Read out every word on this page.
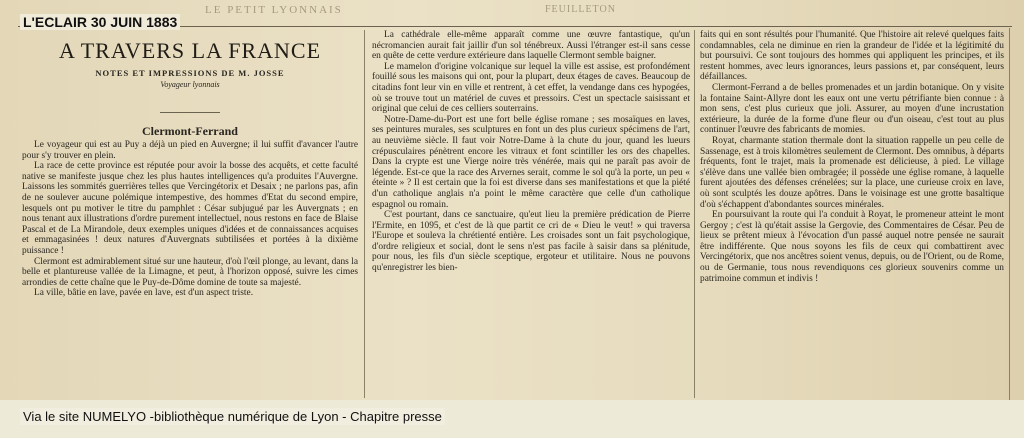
LE PETIT LYONNAIS	FEUILLETON
L'ECLAIR 30 JUIN 1883
A TRAVERS LA FRANCE
NOTES ET IMPRESSIONS DE M. JOSSE
Voyageur lyonnais
Clermont-Ferrand

Le voyageur qui est au Puy a déjà un pied en Auvergne; il lui suffit d'avancer l'autre pour s'y trouver en plein.

La race de cette province est réputée pour avoir la bosse des acquêts, et cette faculté native se manifeste jusque chez les plus hautes intelligences qu'a produites l'Auvergne. Laissons les sommités guerrières telles que Vercingétorix et Desaix ; ne parlons pas, afin de ne soulever aucune polémique intempestive, des hommes d'Etat du second empire, lesquels ont pu motiver le titre du pamphlet : César subjugué par les Auvergnats ; en nous tenant aux illustrations d'ordre purement intellectuel, nous restons en face de Blaise Pascal et de La Mirandole, deux exemples uniques d'idées et de connaissances acquises et emmagasinées ! deux natures d'Auvergnats subtilisées et portées à la dixième puissance !

Clermont est admirablement situé sur une hauteur, d'où l'œil plonge, au levant, dans la belle et plantureuse vallée de la Limagne, et peut, à l'horizon opposé, suivre les cimes arrondies de cette chaîne que le Puy-de-Dôme domine de toute sa majesté.

La ville, bâtie en lave, pavée en lave, est d'un aspect triste.

La cathédrale elle-même apparaît comme une œuvre fantastique, qu'un nécromancien aurait fait jaillir d'un sol ténébreux. Aussi l'étranger est-il sans cesse en quête de cette verdure extérieure dans laquelle Clermont semble baigner.

Le mamelon d'origine volcanique sur lequel la ville est assise, est profondément fouillé sous les maisons qui ont, pour la plupart, deux étages de caves. Beaucoup de citadins font leur vin en ville et rentrent, à cet effet, la vendange dans ces hypogées, où se trouve tout un matériel de cuves et pressoirs. C'est un spectacle saisissant et original que celui de ces celliers souterrains.

Notre-Dame-du-Port est une fort belle église romane ; ses mosaïques en laves, ses peintures murales, ses sculptures en font un des plus curieux spécimens de l'art, au neuvième siècle. Il faut voir Notre-Dame à la chute du jour, quand les lueurs crépusculaires pénètrent encore les vitraux et font scintiller les ors des chapelles. Dans la crypte est une Vierge noire très vénérée, mais qui ne paraît pas avoir de légende. Est-ce que la race des Arvernes serait, comme le sol qu'à la porte, un peu « éteinte » ? Il est certain que la foi est diverse dans ses manifestations et que la piété d'un catholique anglais n'a point le même caractère que celle d'un catholique espagnol ou romain.

C'est pourtant, dans ce sanctuaire, qu'eut lieu la première prédication de Pierre l'Ermite, en 1095, et c'est de là que partit ce cri de « Dieu le veut! » qui traversa l'Europe et souleva la chrétienté entière. Les croisades sont un fait psychologique, d'ordre religieux et social, dont le sens n'est pas facile à saisir dans sa plénitude, pour nous, les fils d'un siècle sceptique, ergoteur et utilitaire. Nous ne pouvons qu'enregistrer les bien-

faits qui en sont résultés pour l'humanité. Que l'histoire ait relevé quelques faits condamnables, cela ne diminue en rien la grandeur de l'idée et la légitimité du but poursuivi. Ce sont toujours des hommes qui appliquent les principes, et ils restent hommes, avec leurs ignorances, leurs passions et, par conséquent, leurs défaillances.

Clermont-Ferrand a de belles promenades et un jardin botanique. On y visite la fontaine Saint-Allyre dont les eaux ont une vertu pétrifiante bien connue : à mon sens, c'est plus curieux que joli. Assurer, au moyen d'une incrustation extérieure, la durée de la forme d'une fleur ou d'un oiseau, c'est tout au plus continuer l'œuvre des fabricants de momies.

Royat, charmante station thermale dont la situation rappelle un peu celle de Sassenage, est à trois kilomètres seulement de Clermont. Des omnibus, à départs fréquents, font le trajet, mais la promenade est délicieuse, à pied. Le village s'élève dans une vallée bien ombragée; il possède une église romane, à laquelle furent ajoutées des défenses crénelées; sur la place, une curieuse croix en lave, où sont sculptés les douze apôtres. Dans le voisinage est une grotte basaltique d'où s'échappent d'abondantes sources minérales.

En poursuivant la route qui l'a conduit à Royat, le promeneur atteint le mont Gergoy ; c'est là qu'était assise la Gergovie, des Commentaires de César. Peu de lieux se prêtent mieux à l'évocation d'un passé auquel notre pensée ne saurait être indifférente. Que nous soyons les fils de ceux qui combattirent avec Vercingétorix, que nos ancêtres soient venus, depuis, ou de l'Orient, ou de Rome, ou de Germanie, tous nous revendiquons ces glorieux souvenirs comme un patrimoine commun et indivis !

Via le site NUMELYO -bibliothèque numérique de Lyon - Chapitre presse
